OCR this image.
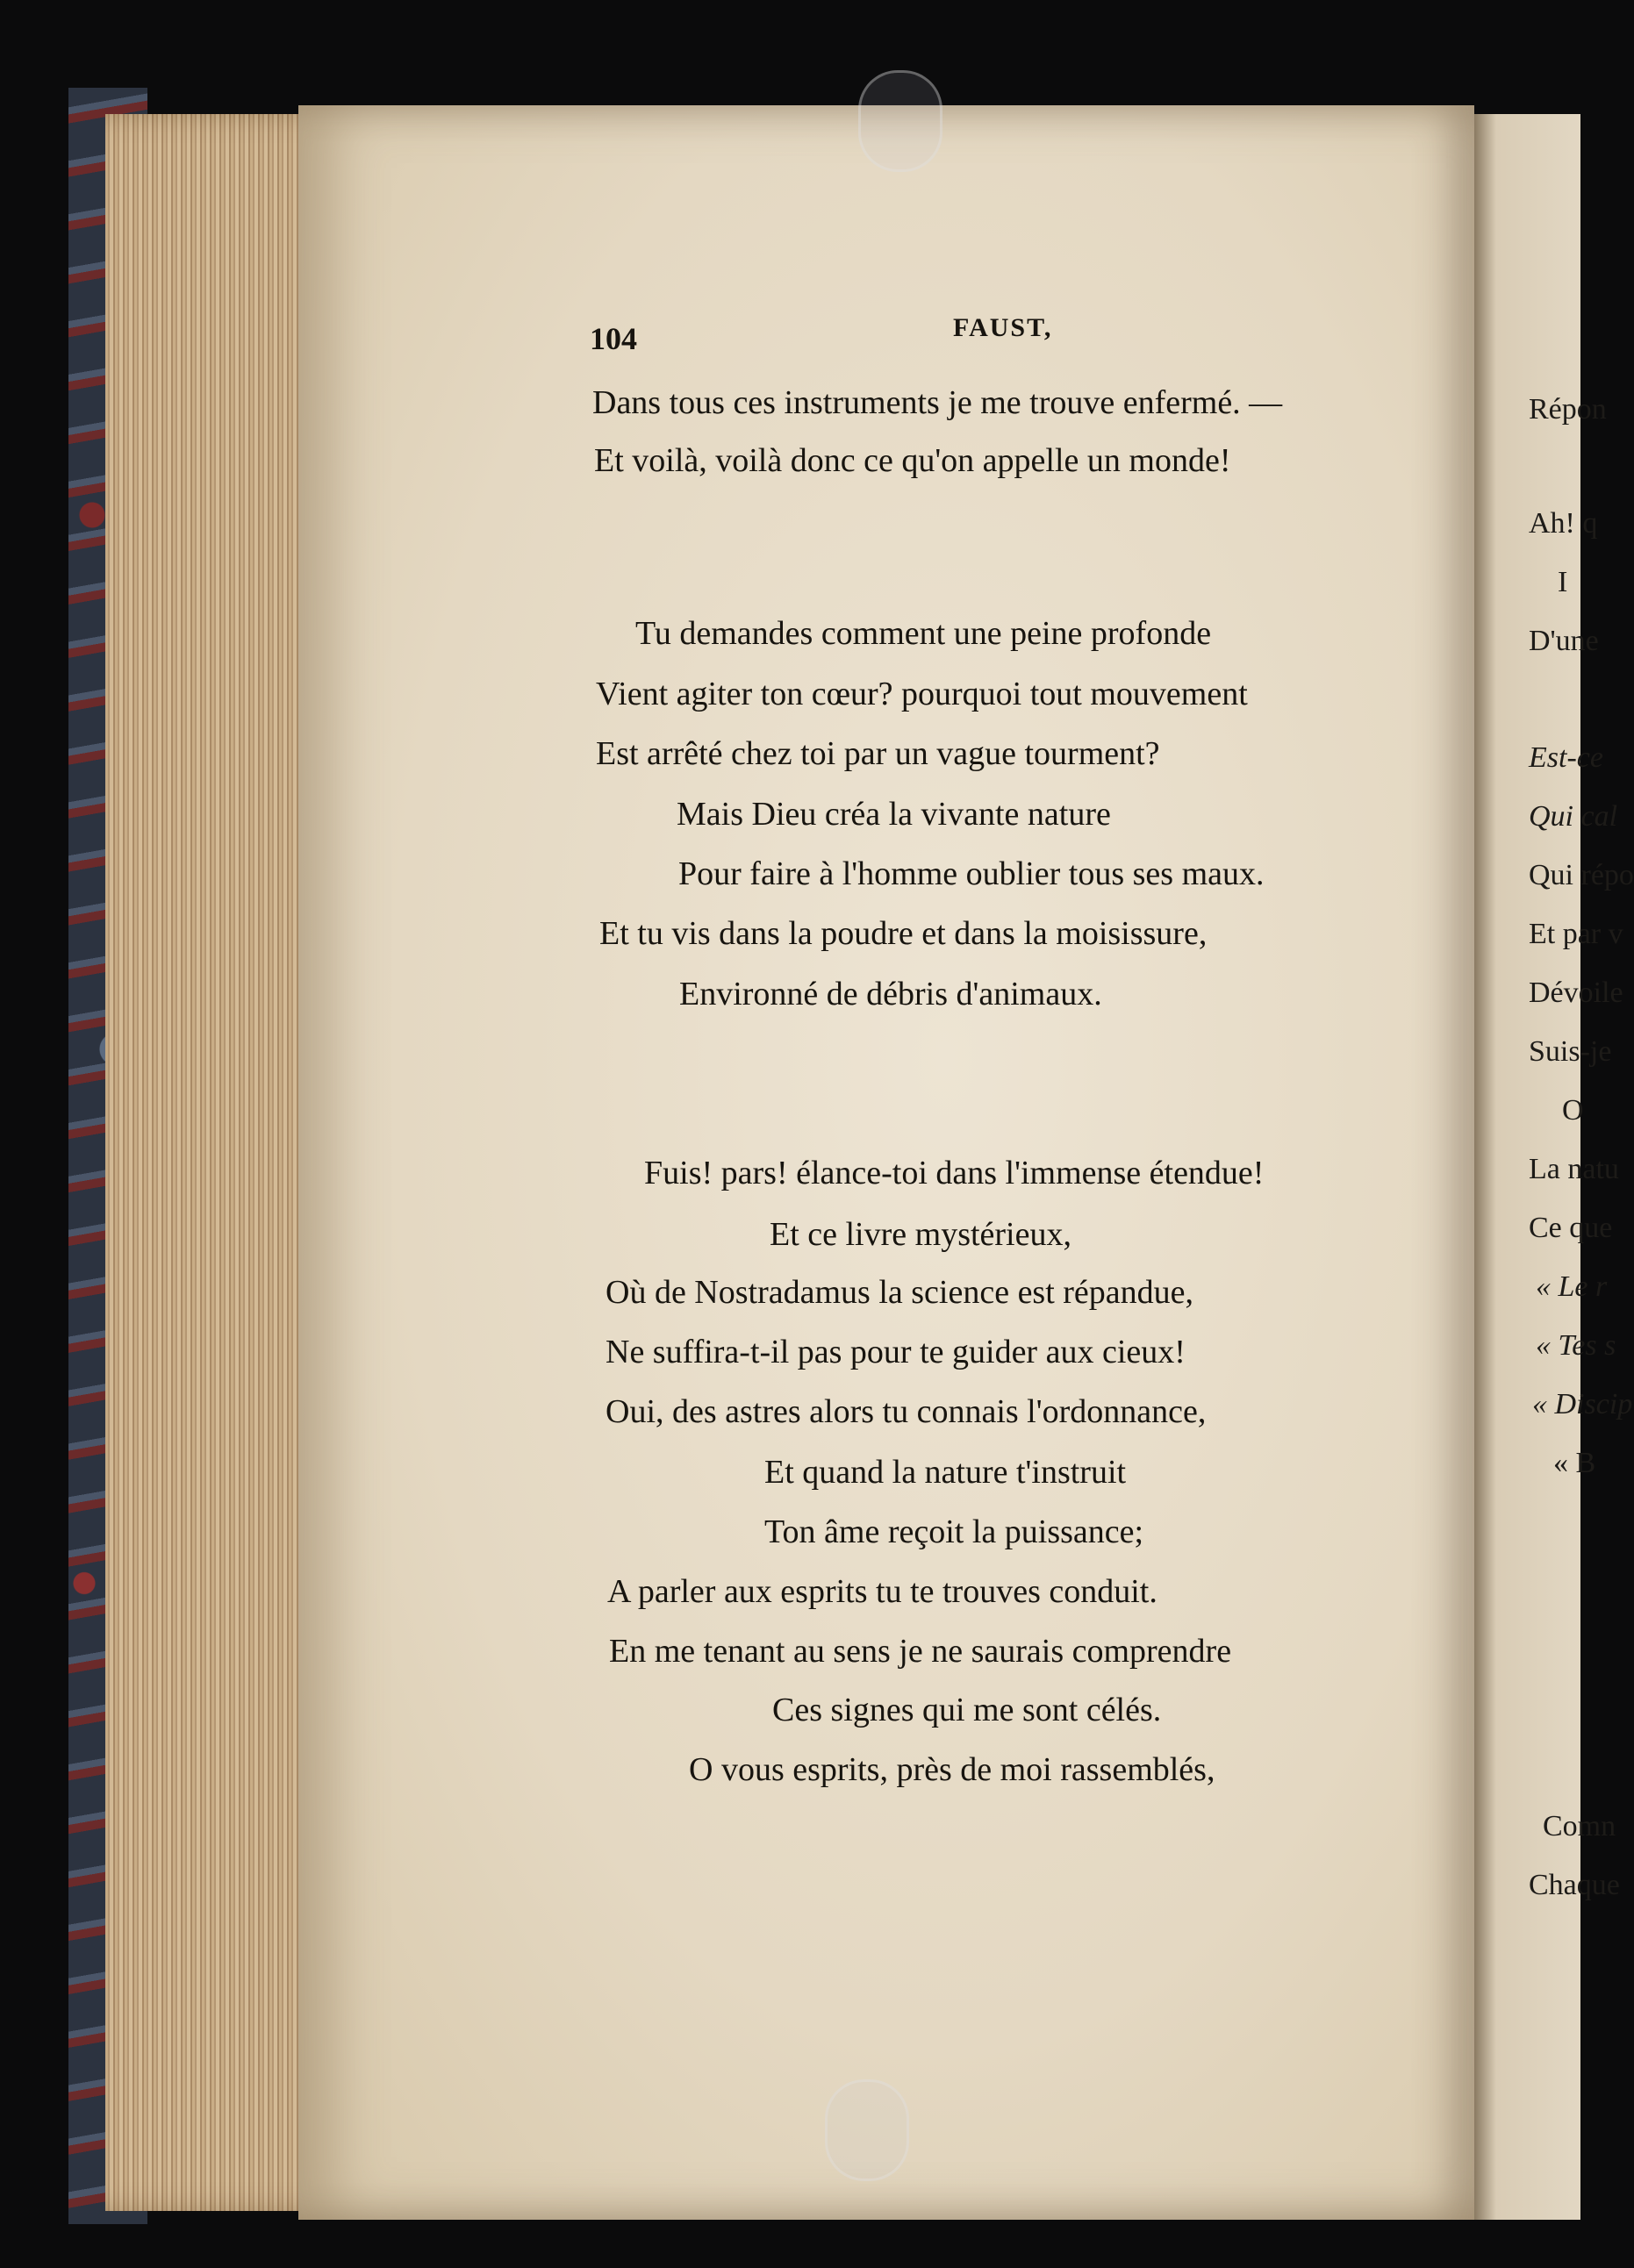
Répon
Ah! q
I
D'une
Est-ce
Qui cal
Qui répo
Et par v
Dévoile
Suis-je
O
La natu
Ce que
« Le r
« Tes s
« Discip
« B
Comn
Chaque
104	FAUST,
Dans tous ces instruments je me trouve enfermé. —
Et voilà, voilà donc ce qu'on appelle un monde!
Tu demandes comment une peine profonde
Vient agiter ton cœur? pourquoi tout mouvement
Est arrêté chez toi par un vague tourment?
Mais Dieu créa la vivante nature
Pour faire à l'homme oublier tous ses maux.
Et tu vis dans la poudre et dans la moisissure,
Environné de débris d'animaux.
Fuis! pars! élance-toi dans l'immense étendue!
Et ce livre mystérieux,
Où de Nostradamus la science est répandue,
Ne suffira-t-il pas pour te guider aux cieux!
Oui, des astres alors tu connais l'ordonnance,
Et quand la nature t'instruit
Ton âme reçoit la puissance;
A parler aux esprits tu te trouves conduit.
En me tenant au sens je ne saurais comprendre
Ces signes qui me sont célés.
O vous esprits, près de moi rassemblés,
